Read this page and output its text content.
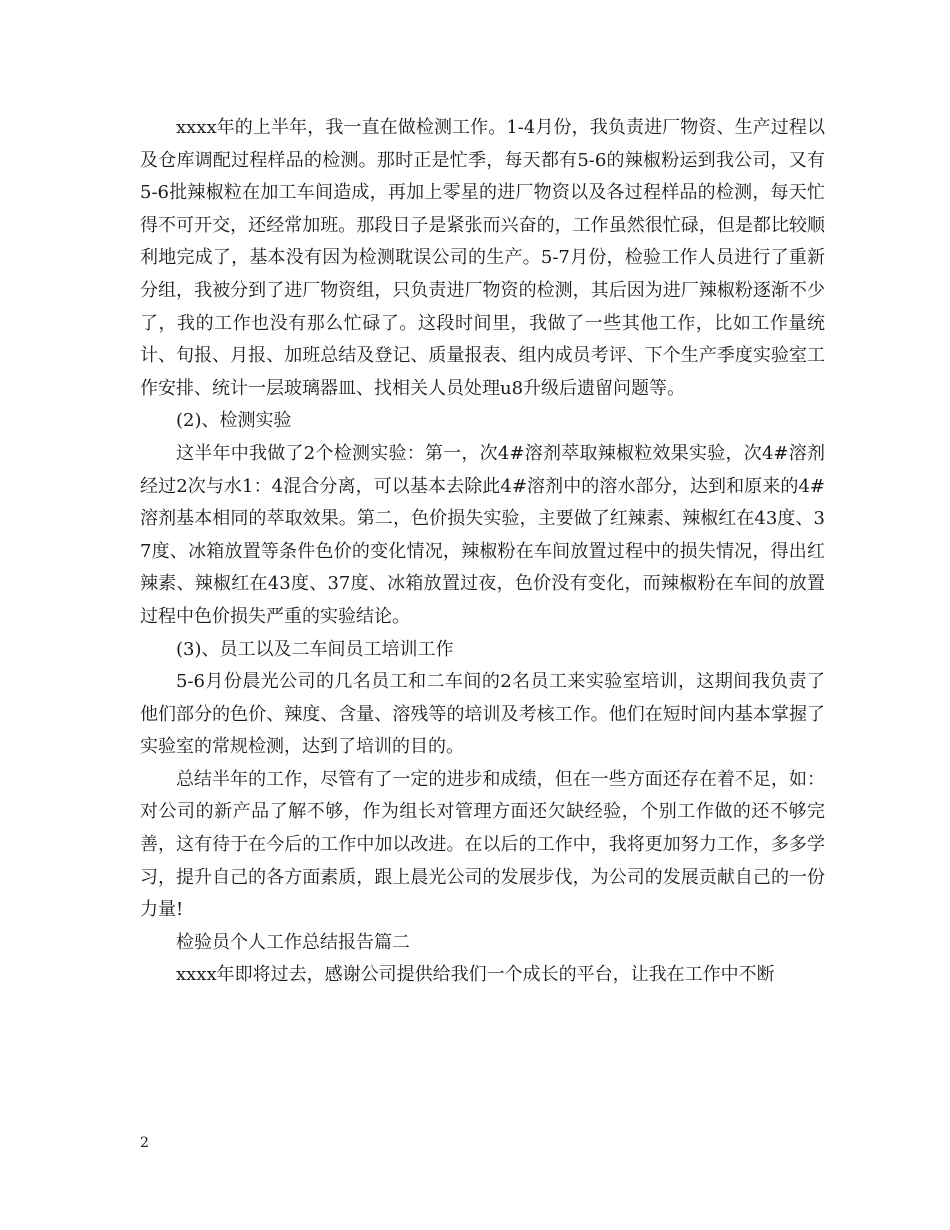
xxxx年的上半年，我一直在做检测工作。1-4月份，我负责进厂物资、生产过程以及仓库调配过程样品的检测。那时正是忙季，每天都有5-6的辣椒粉运到我公司，又有5-6批辣椒粒在加工车间造成，再加上零星的进厂物资以及各过程样品的检测，每天忙得不可开交，还经常加班。那段日子是紧张而兴奋的，工作虽然很忙碌，但是都比较顺利地完成了，基本没有因为检测耽误公司的生产。5-7月份，检验工作人员进行了重新分组，我被分到了进厂物资组，只负责进厂物资的检测，其后因为进厂辣椒粉逐渐不少了，我的工作也没有那么忙碌了。这段时间里，我做了一些其他工作，比如工作量统计、旬报、月报、加班总结及登记、质量报表、组内成员考评、下个生产季度实验室工作安排、统计一层玻璃器皿、找相关人员处理u8升级后遗留问题等。

(2)、检测实验

这半年中我做了2个检测实验：第一，次4#溶剂萃取辣椒粒效果实验，次4#溶剂经过2次与水1：4混合分离，可以基本去除此4#溶剂中的溶水部分，达到和原来的4#溶剂基本相同的萃取效果。第二，色价损失实验，主要做了红辣素、辣椒红在43度、37度、冰箱放置等条件色价的变化情况，辣椒粉在车间放置过程中的损失情况，得出红辣素、辣椒红在43度、37度、冰箱放置过夜，色价没有变化，而辣椒粉在车间的放置过程中色价损失严重的实验结论。

(3)、员工以及二车间员工培训工作

5-6月份晨光公司的几名员工和二车间的2名员工来实验室培训，这期间我负责了他们部分的色价、辣度、含量、溶残等的培训及考核工作。他们在短时间内基本掌握了实验室的常规检测，达到了培训的目的。

总结半年的工作，尽管有了一定的进步和成绩，但在一些方面还存在着不足，如：对公司的新产品了解不够，作为组长对管理方面还欠缺经验，个别工作做的还不够完善，这有待于在今后的工作中加以改进。在以后的工作中，我将更加努力工作，多多学习，提升自己的各方面素质，跟上晨光公司的发展步伐，为公司的发展贡献自己的一份力量!

检验员个人工作总结报告篇二

xxxx年即将过去，感谢公司提供给我们一个成长的平台，让我在工作中不断

2
